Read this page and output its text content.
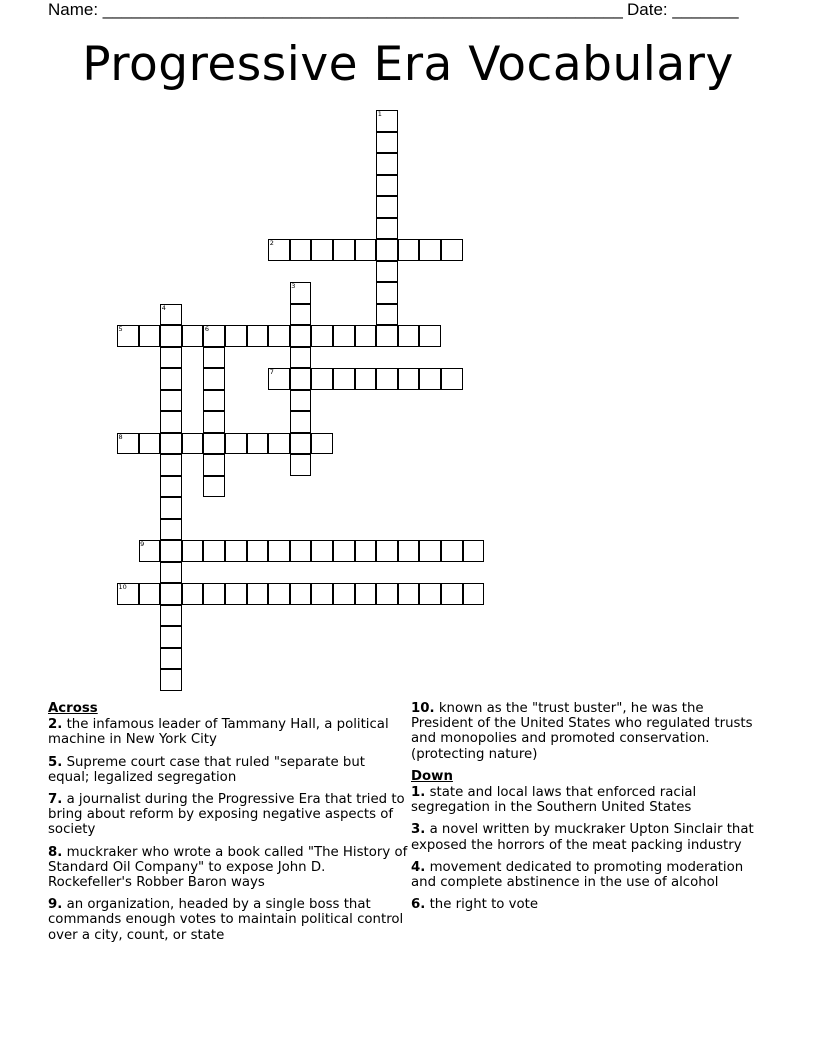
Name: _______________________________________________________ Date: _______
Progressive Era Vocabulary
1
2
3
4
5	6
7
8
9
10
Across
2. the infamous leader of Tammany Hall, a political machine in New York City
5. Supreme court case that ruled "separate but equal; legalized segregation
7. a journalist during the Progressive Era that tried to bring about reform by exposing negative aspects of society
8. muckraker who wrote a book called "The History of Standard Oil Company" to expose John D. Rockefeller's Robber Baron ways
9. an organization, headed by a single boss that commands enough votes to maintain political control over a city, count, or state
10. known as the "trust buster", he was the President of the United States who regulated trusts and monopolies and promoted conservation.(protecting nature)
Down
1. state and local laws that enforced racial segregation in the Southern United States
3. a novel written by muckraker Upton Sinclair that exposed the horrors of the meat packing industry
4. movement dedicated to promoting moderation and complete abstinence in the use of alcohol
6. the right to vote
